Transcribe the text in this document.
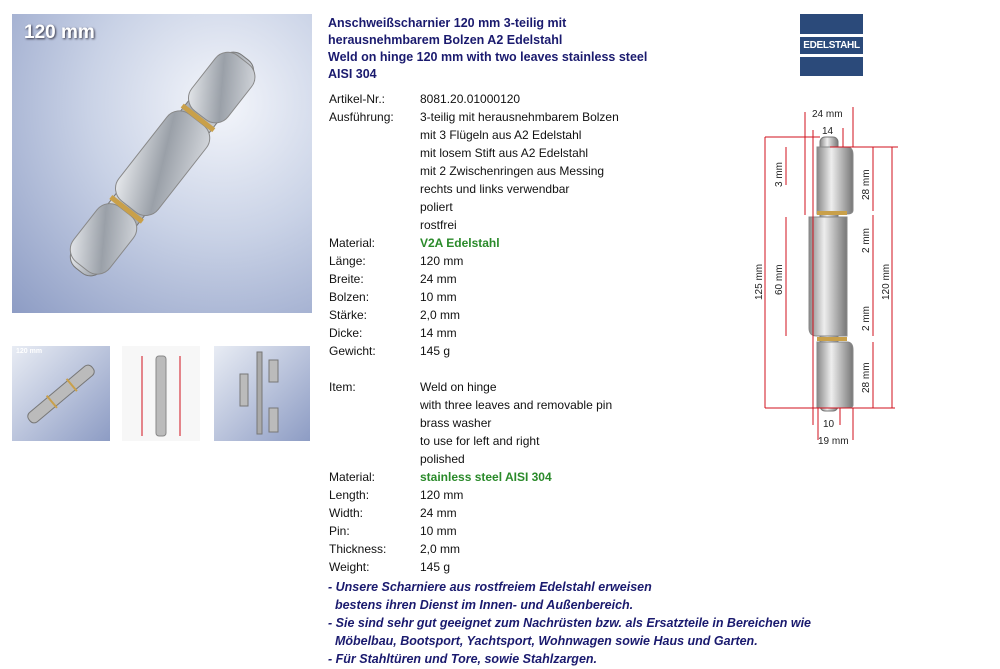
120 mm
120 mm
Anschweißscharnier 120 mm 3-teilig mit
herausnehmbarem Bolzen A2 Edelstahl
Weld on hinge 120 mm with two leaves stainless steel
AISI 304
Artikel-Nr.:	8081.20.01000120
Ausführung:	3-teilig mit herausnehmbarem Bolzen
mit 3 Flügeln aus A2 Edelstahl
mit losem Stift aus A2 Edelstahl
mit 2 Zwischenringen aus Messing
rechts und links verwendbar
poliert
rostfrei
Material:	V2A Edelstahl
Länge:	120 mm
Breite:	24 mm
Bolzen:	10 mm
Stärke:	2,0 mm
Dicke:	14 mm
Gewicht:	145 g
Item:	Weld on hinge
with three leaves and removable pin
brass washer
to use for left and right
polished
Material:	stainless steel AISI 304
Length:	120 mm
Width:	24 mm
Pin:	10 mm
Thickness:	2,0 mm
Weight:	145 g
- Unsere Scharniere aus rostfreiem Edelstahl erweisen
bestens ihren Dienst im Innen- und Außenbereich.
- Sie sind sehr gut geeignet zum Nachrüsten bzw. als Ersatzteile in Bereichen wie
Möbelbau, Bootsport, Yachtsport, Wohnwagen sowie Haus und Garten.
- Für Stahltüren und Tore, sowie Stahlzargen.
EDELSTAHL
24 mm
14
3 mm	28 mm
125 mm 60 mm
2 mm
120 mm
2 mm
28 mm
10
19 mm
